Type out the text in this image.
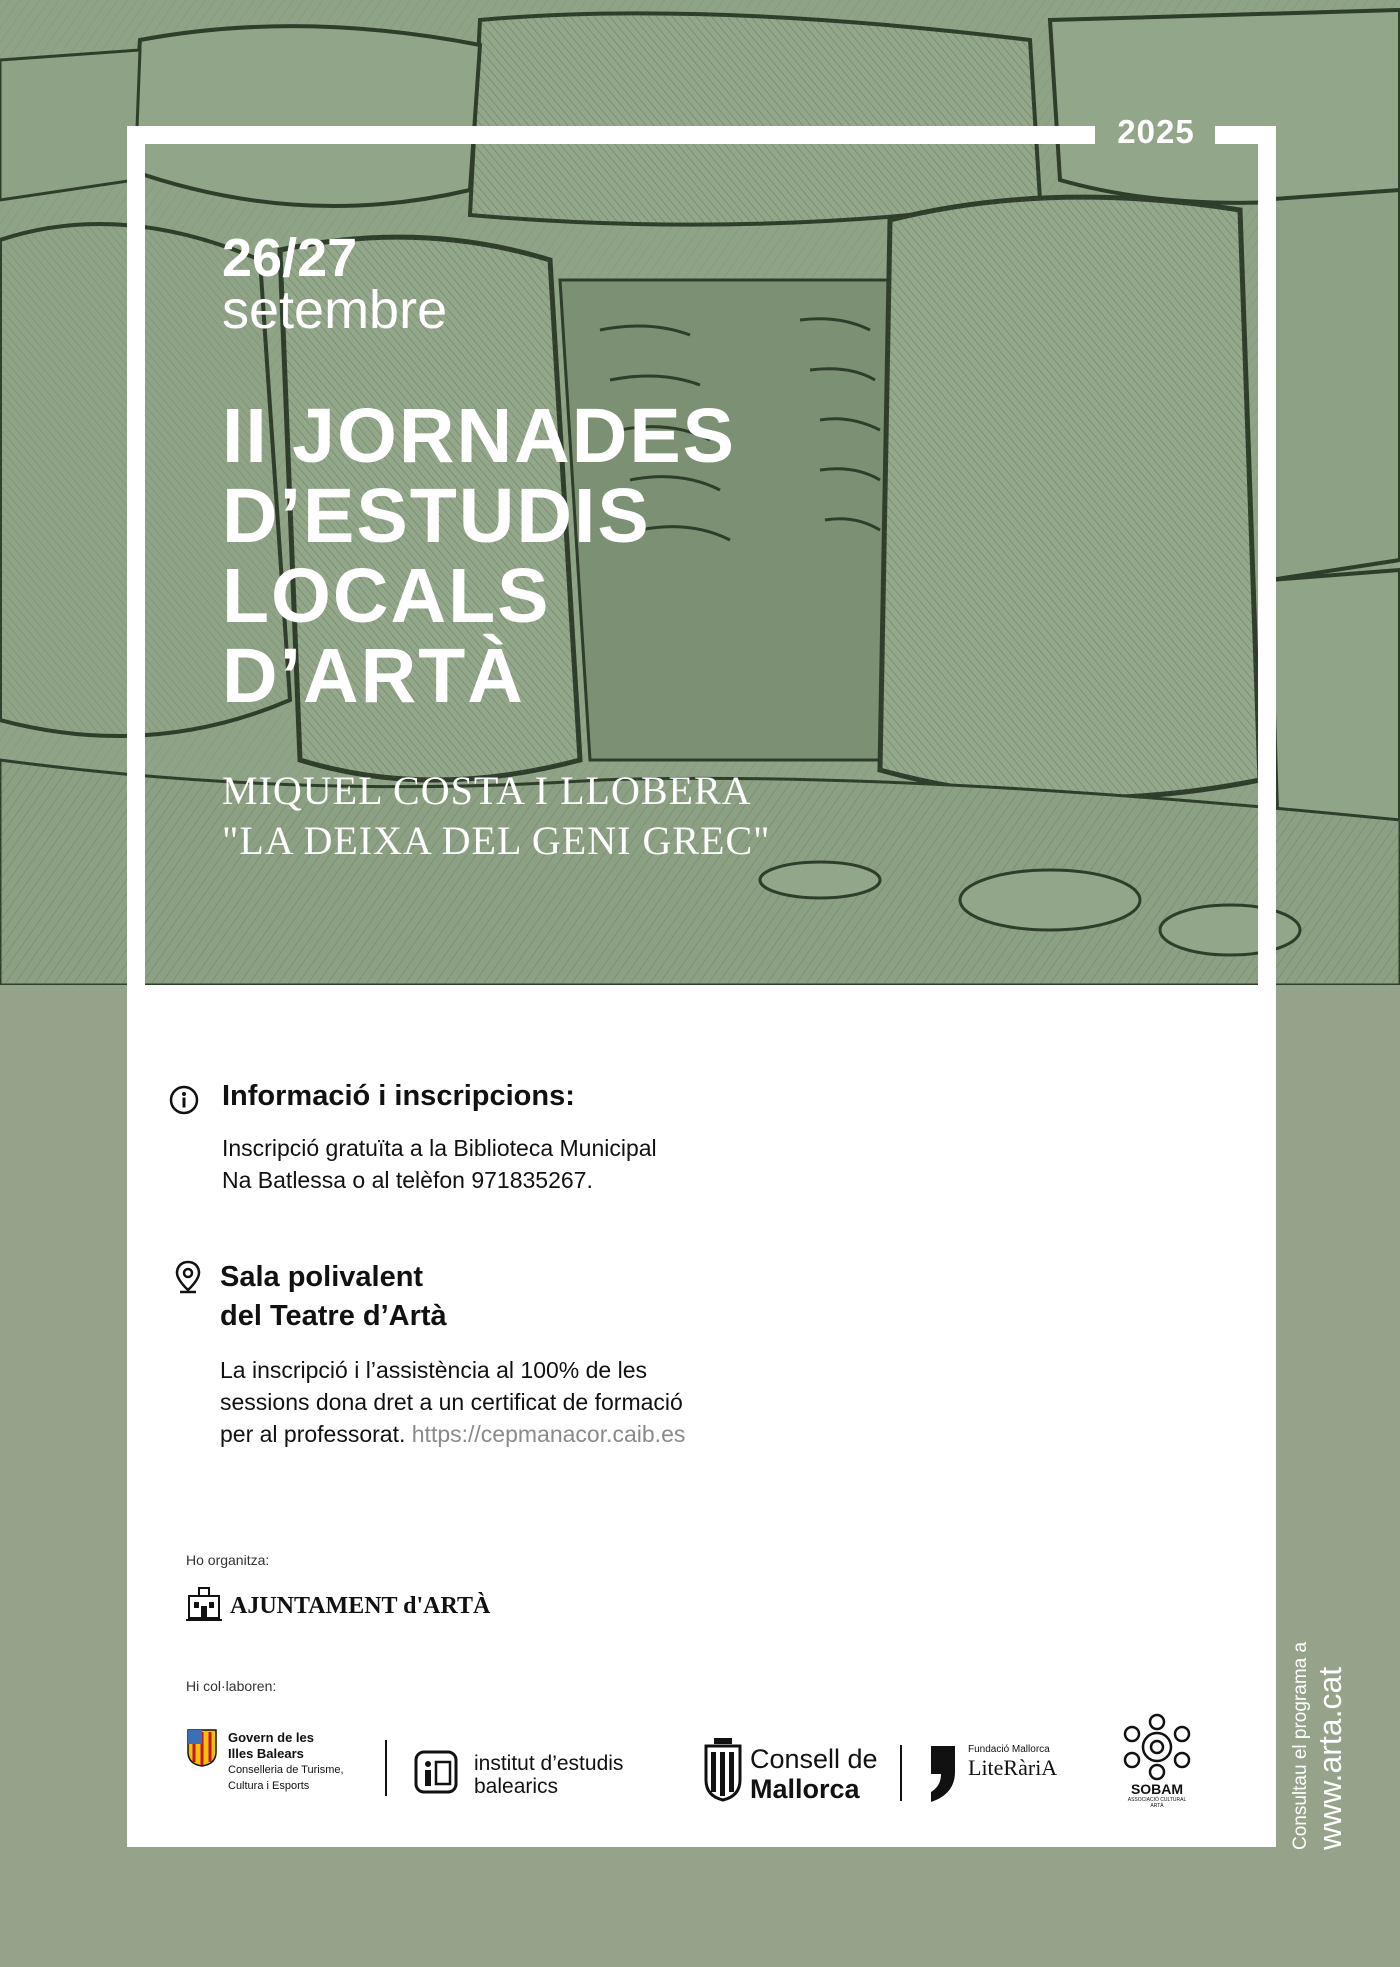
2025
26/27
setembre
II JORNADES
D’ESTUDIS
LOCALS
D’ARTÀ
MIQUEL COSTA I LLOBERA
"LA DEIXA DEL GENI GREC"
Informació i inscripcions:
Inscripció gratuïta a la Biblioteca Municipal
Na Batlessa o al telèfon 971835267.
Sala polivalent
del Teatre d’Artà
La inscripció i l’assistència al 100% de les
sessions dona dret a un certificat de formació
per al professorat. https://cepmanacor.caib.es
Ho organitza:
AJUNTAMENT d'ARTÀ
Hi col·laboren:
Govern de les
Illes Balears
Conselleria de Turisme,
Cultura i Esports
institut d’estudis
balearics
Consell de
Mallorca
Fundació Mallorca
LiteRàriA
SOBAM
ASSOCIACIÓ CULTURAL
ARTÀ	Consultau el programa a www.arta.cat
